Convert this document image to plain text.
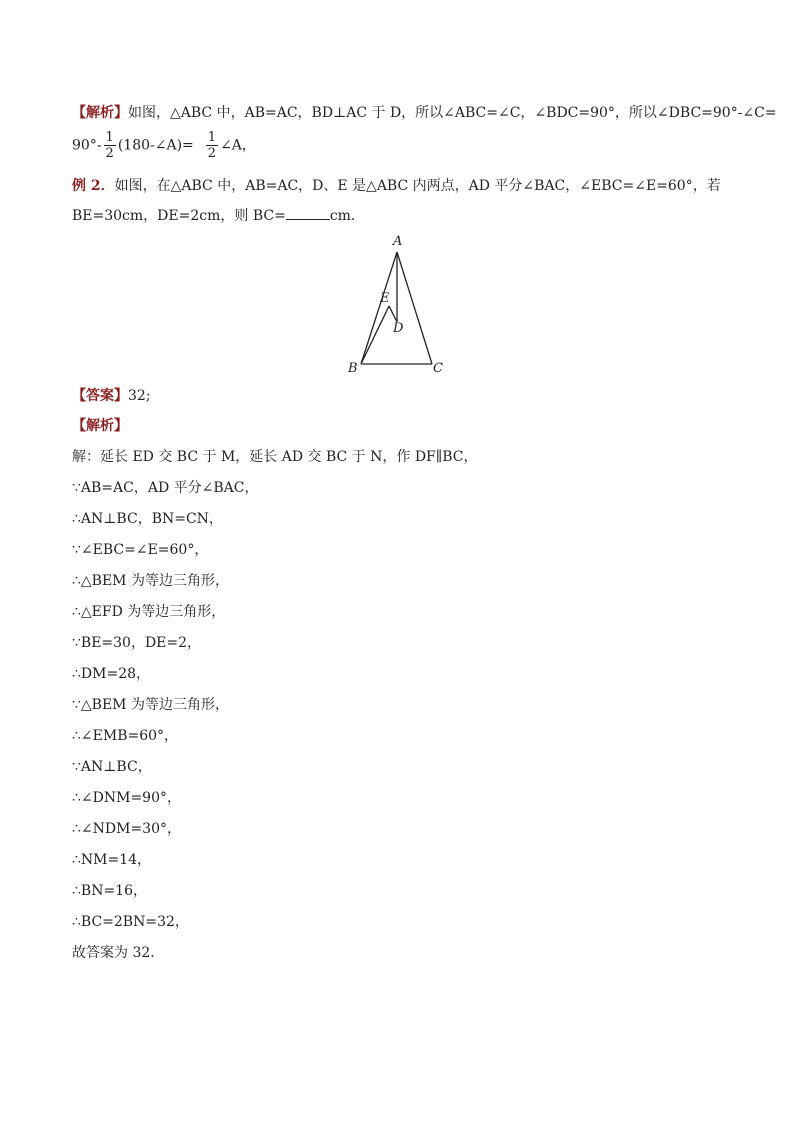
【解析】如图，△ABC 中，AB=AC，BD⊥AC 于 D，所以∠ABC=∠C，∠BDC=90°，所以∠DBC=90°-∠C=
$90^\circ- \frac{1}{2}$ (180-∠A)= $\frac{1}{2}$ ∠A，
例 2．如图，在△ABC 中，AB=AC，D、E 是△ABC 内两点，AD 平分∠BAC，∠EBC=∠E=60°，若
BE=30cm，DE=2cm，则 BC=	cm.
A
B	C
D
E
【答案】32;
【解析】
解：延长 ED 交 BC 于 M，延长 AD 交 BC 于 N，作 DF∥BC，
∵AB=AC，AD 平分∠BAC，
∴AN⊥BC，BN=CN，
∵∠EBC=∠E=60°，
∴△BEM 为等边三角形，
∴△EFD 为等边三角形，
∵BE=30，DE=2，
∴DM=28，
∵△BEM 为等边三角形，
∴∠EMB=60°，
∵AN⊥BC，
∴∠DNM=90°，
∴∠NDM=30°，
∴NM=14，
∴BN=16，
∴BC=2BN=32，
故答案为 32.
